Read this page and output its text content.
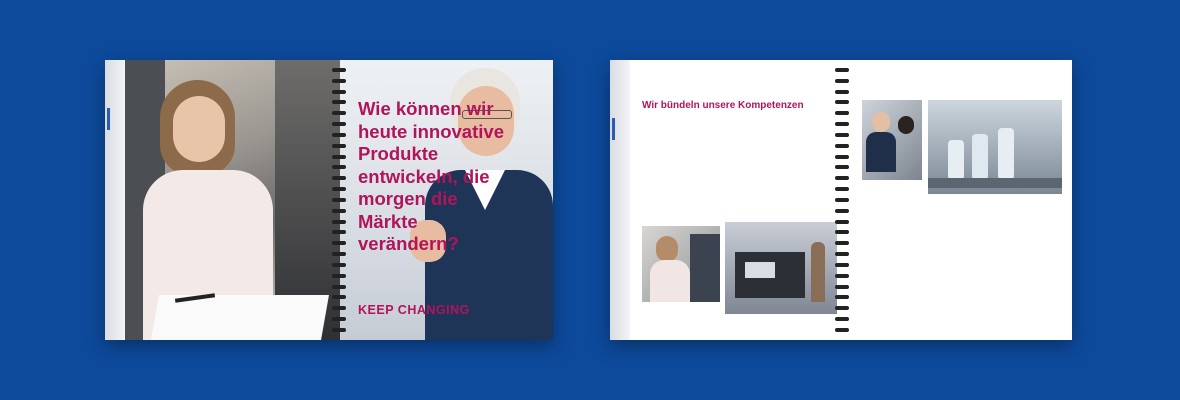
Wie können wir heute innovative Produkte entwickeln, die morgen die Märkte verändern?
KEEP CHANGING
Wir bündeln unsere Kompetenzen
